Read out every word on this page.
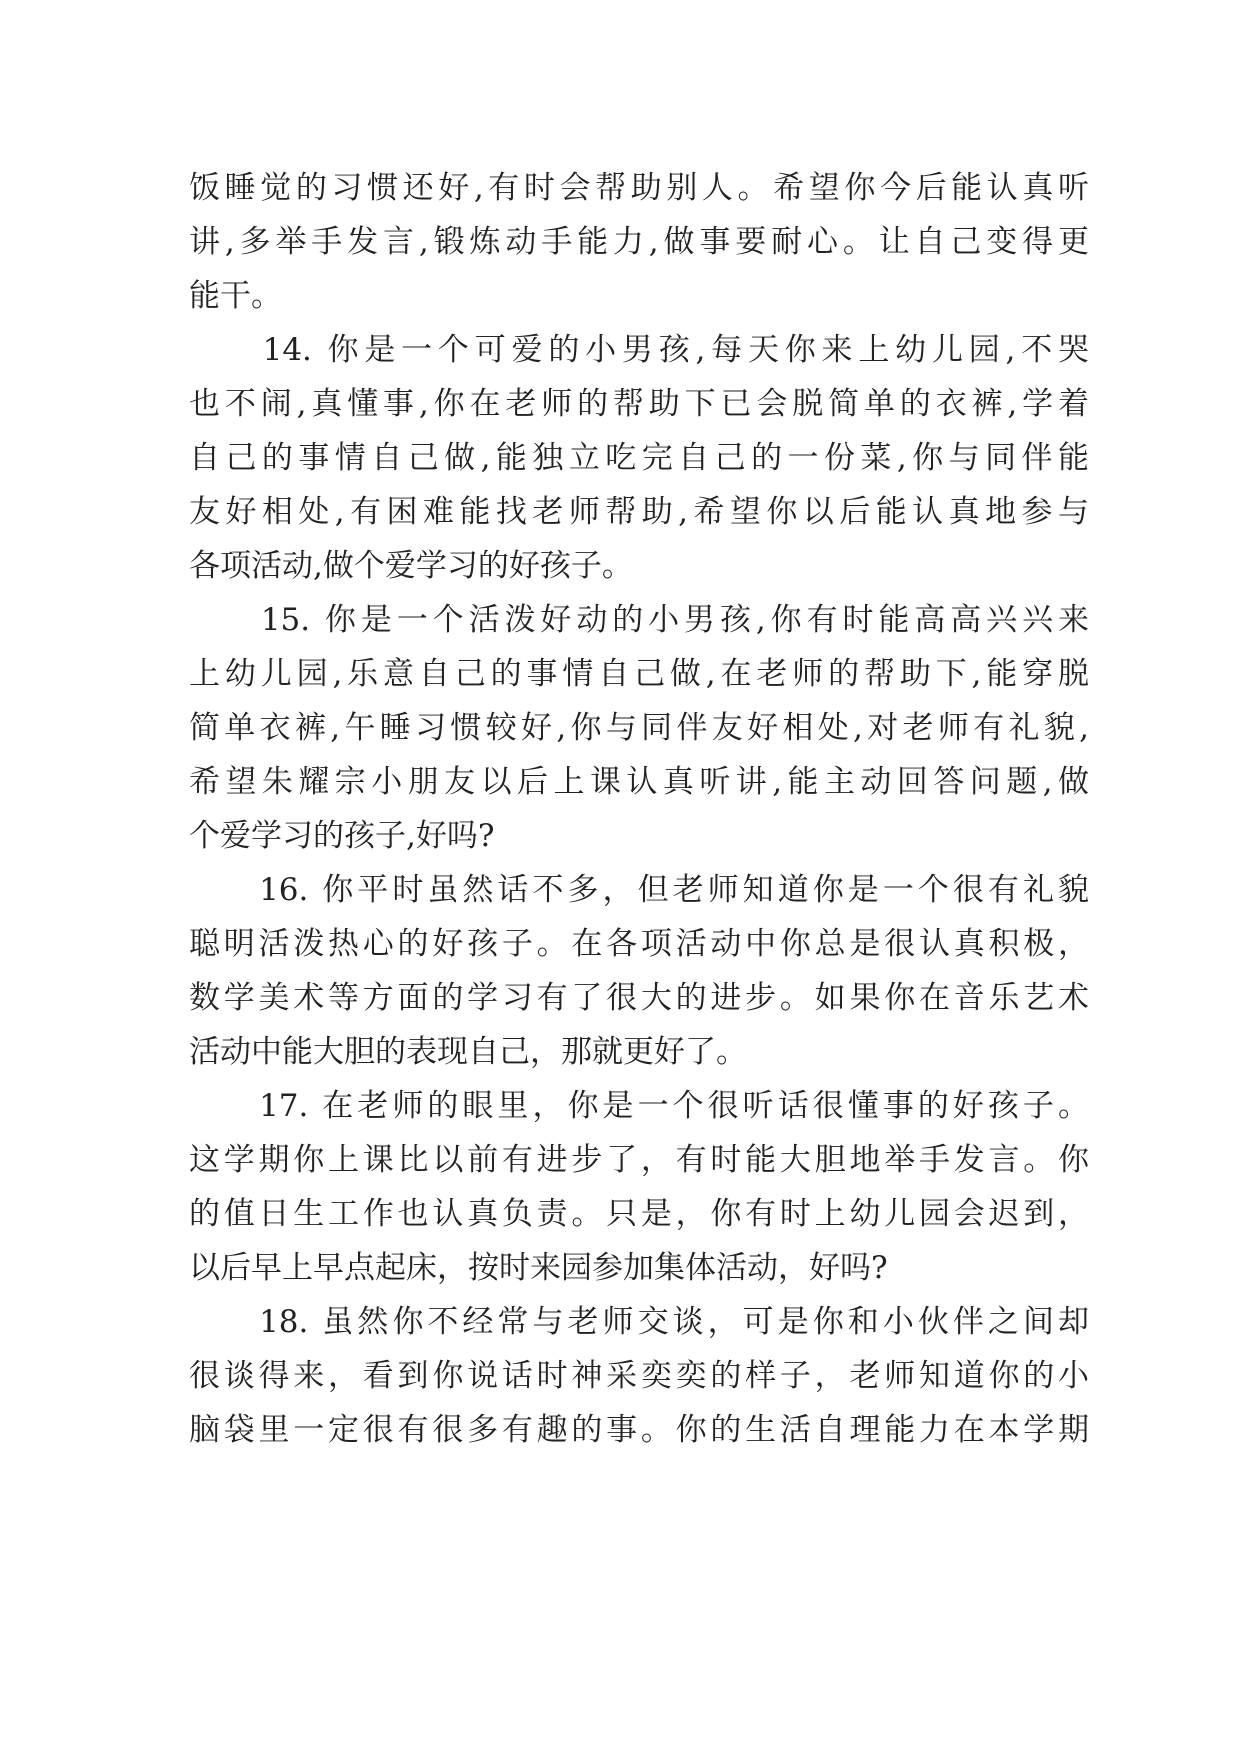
饭睡觉的习惯还好,有时会帮助别人。希望你今后能认真听
讲,多举手发言,锻炼动手能力,做事要耐心。让自己变得更
能干。
　　14. 你是一个可爱的小男孩,每天你来上幼儿园,不哭
也不闹,真懂事,你在老师的帮助下已会脱简单的衣裤,学着
自己的事情自己做,能独立吃完自己的一份菜,你与同伴能
友好相处,有困难能找老师帮助,希望你以后能认真地参与
各项活动,做个爱学习的好孩子。
　　15. 你是一个活泼好动的小男孩,你有时能高高兴兴来
上幼儿园,乐意自己的事情自己做,在老师的帮助下,能穿脱
简单衣裤,午睡习惯较好,你与同伴友好相处,对老师有礼貌,
希望朱耀宗小朋友以后上课认真听讲,能主动回答问题,做
个爱学习的孩子,好吗?
　　16. 你平时虽然话不多，但老师知道你是一个很有礼貌
聪明活泼热心的好孩子。在各项活动中你总是很认真积极，
数学美术等方面的学习有了很大的进步。如果你在音乐艺术
活动中能大胆的表现自己，那就更好了。
　　17. 在老师的眼里，你是一个很听话很懂事的好孩子。
这学期你上课比以前有进步了，有时能大胆地举手发言。你
的值日生工作也认真负责。只是，你有时上幼儿园会迟到，
以后早上早点起床，按时来园参加集体活动，好吗?
　　18. 虽然你不经常与老师交谈，可是你和小伙伴之间却
很谈得来，看到你说话时神采奕奕的样子，老师知道你的小
脑袋里一定很有很多有趣的事。你的生活自理能力在本学期
